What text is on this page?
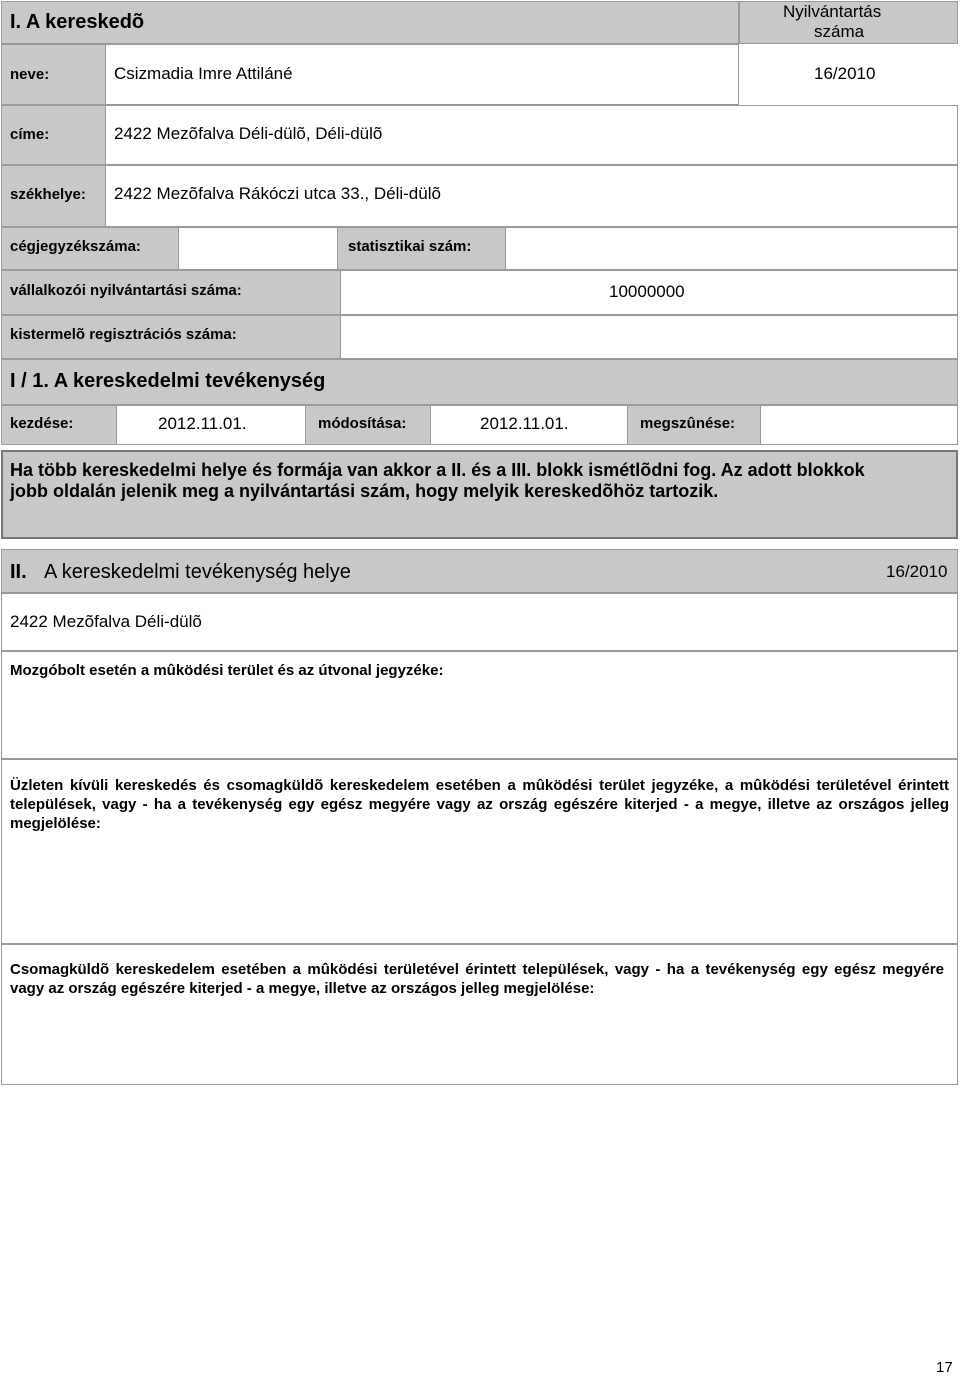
I. A kereskedõ	Nyilvántartás
száma
neve:	Csizmadia Imre Attiláné	16/2010
címe:	2422 Mezõfalva Déli-dülõ, Déli-dülõ
székhelye: 2422 Mezõfalva Rákóczi utca 33., Déli-dülõ
cégjegyzékszáma:	statisztikai szám:
vállalkozói nyilvántartási száma:	10000000
kistermelõ regisztrációs száma:
I / 1. A kereskedelmi tevékenység
kezdése:	2012.11.01.	módosítása:	2012.11.01.	megszûnése:
Ha több kereskedelmi helye és formája van akkor a II. és a III. blokk ismétlõdni fog. Az adott blokkok jobb oldalán jelenik meg a nyilvántartási szám, hogy melyik kereskedõhöz tartozik.
II. A kereskedelmi tevékenység helye	16/2010
2422 Mezõfalva Déli-dülõ
Mozgóbolt esetén a mûködési terület és az útvonal jegyzéke:
Üzleten kívüli kereskedés és csomagküldõ kereskedelem esetében a mûködési terület jegyzéke, a mûködési területével érintett települések, vagy - ha a tevékenység egy egész megyére vagy az ország egészére kiterjed - a megye, illetve az országos jelleg megjelölése:
Csomagküldõ kereskedelem esetében a mûködési területével érintett települések, vagy - ha a tevékenység egy egész megyére vagy az ország egészére kiterjed - a megye, illetve az országos jelleg megjelölése:
17
